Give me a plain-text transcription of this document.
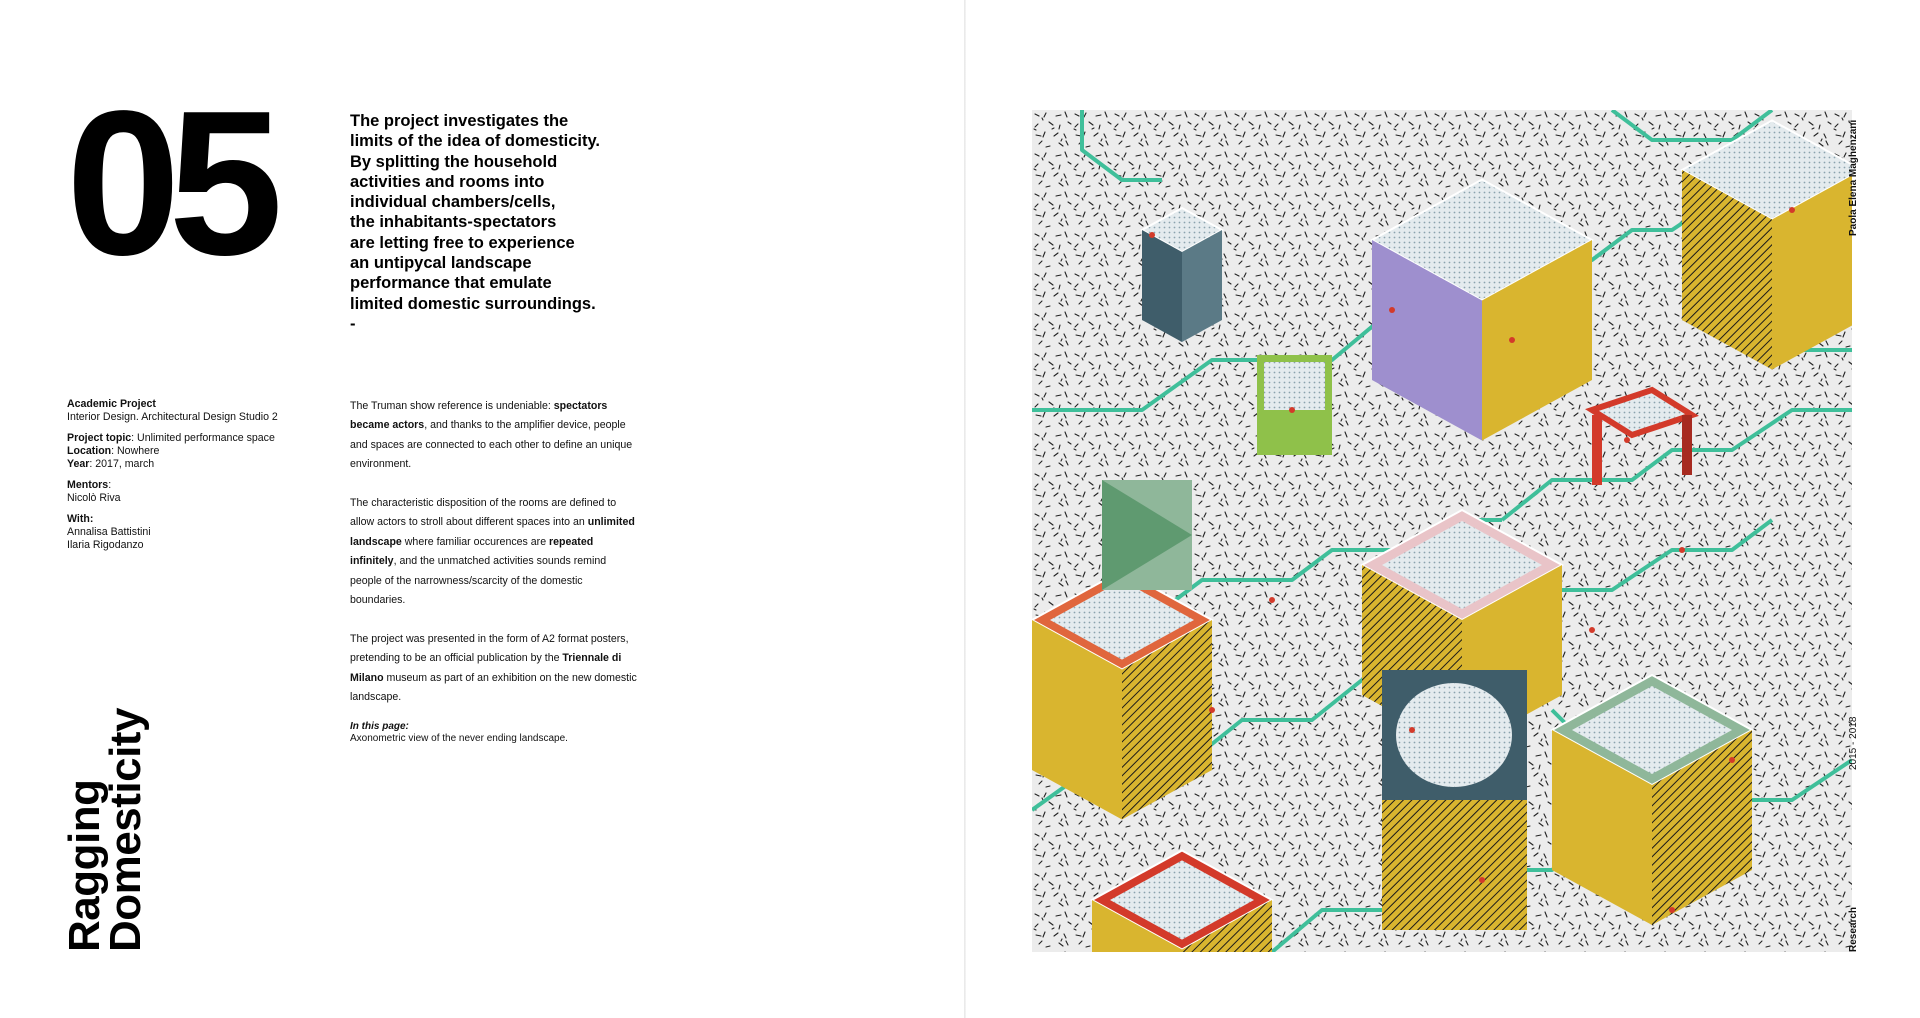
05	The project investigates the
limits of the idea of domesticity.
By splitting the household
activities and rooms into
individual chambers/cells,
the inhabitants-spectators
are letting free to experience
an untipycal landscape
performance that emulate
limited domestic surroundings.
-
Academic Project
Interior Design. Architectural Design Studio 2
Project topic: Unlimited performance space
Location: Nowhere
Year: 2017, march
Mentors:
Nicolò Riva
With:
Annalisa Battistini
Ilaria Rigodanzo

The Truman show reference is undeniable: spectators became actors, and thanks to the amplifier device, people and spaces are connected to each other to define an unique environment.

The characteristic disposition of the rooms are defined to allow actors to stroll about different spaces into an unlimited landscape where familiar occurences are repeated infinitely, and the unmatched activities sounds remind people of the narrowness/scarcity of the domestic boundaries.

The project was presented in the form of A2 format posters, pretending to be an official publication by the Triennale di Milano museum as part of an exhibition on the new domestic landscape.

In this page:
Axonometric view of the never ending landscape.
Ragging
Domesticity
Paola Elena Maghenzani
2015 - 2018
Research
